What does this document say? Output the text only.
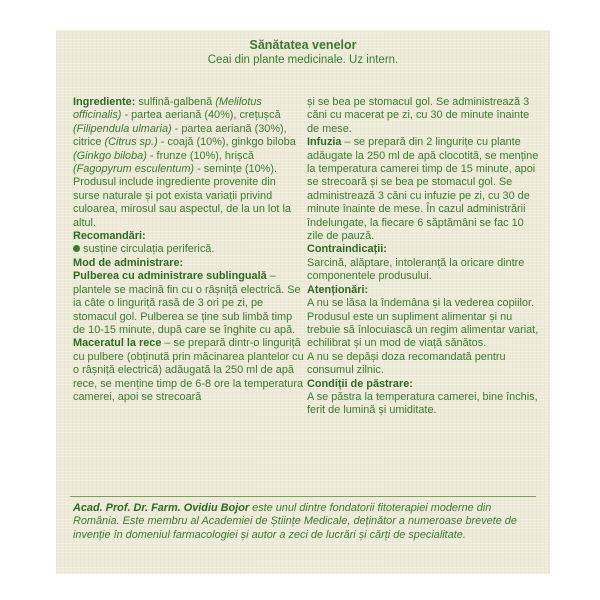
Sănătatea venelor
Ceai din plante medicinale. Uz intern.

Ingrediente: sulfină-galbenă (Melilotus officinalis) - partea aeriană (40%), crețușcă (Filipendula ulmaria) - partea aeriană (30%), citrice (Citrus sp.) - coajă (10%), ginkgo biloba (Ginkgo biloba) - frunze (10%), hrișcă (Fagopyrum esculentum) - semințe (10%). Produsul include ingrediente provenite din surse naturale și pot exista variații privind culoarea, mirosul sau aspectul, de la un lot la altul.

Recomandări:

susține circulația periferică.

Mod de administrare:

Pulberea cu administrare sublinguală – plantele se macină fin cu o râșniță electrică. Se ia câte o linguriță rasă de 3 ori pe zi, pe stomacul gol. Pulberea se ține sub limbă timp de 10-15 minute, după care se înghite cu apă.

Maceratul la rece – se prepară dintr-o linguriță cu pulbere (obținută prin măcinarea plantelor cu o râșniță electrică) adăugată la 250 ml de apă rece, se menține timp de 6-8 ore la temperatura camerei, apoi se strecoară

și se bea pe stomacul gol. Se administrează 3 căni cu macerat pe zi, cu 30 de minute înainte de mese.

Infuzia – se prepară din 2 lingurițe cu plante adăugate la 250 ml de apă clocotită, se menține la temperatura camerei timp de 15 minute, apoi se strecoară și se bea pe stomacul gol. Se administrează 3 căni cu infuzie pe zi, cu 30 de minute înainte de mese. În cazul administrării îndelungate, la fiecare 6 săptămâni se fac 10 zile de pauză.

Contraindicații:

Sarcină, alăptare, intoleranță la oricare dintre componentele produsului.

Atenționări:

A nu se lăsa la îndemâna și la vederea copiilor. Produsul este un supliment alimentar și nu trebuie să înlocuiască un regim alimentar variat, echilibrat și un mod de viață sănătos.

A nu se depăși doza recomandată pentru consumul zilnic.

Condiții de păstrare:

A se păstra la temperatura camerei, bine închis, ferit de lumină și umiditate.

Acad. Prof. Dr. Farm. Ovidiu Bojor este unul dintre fondatorii fitoterapiei moderne din România. Este membru al Academiei de Științe Medicale, deținător a numeroase brevete de invenție în domeniul farmacologiei și autor a zeci de lucrări și cărți de specialitate.
